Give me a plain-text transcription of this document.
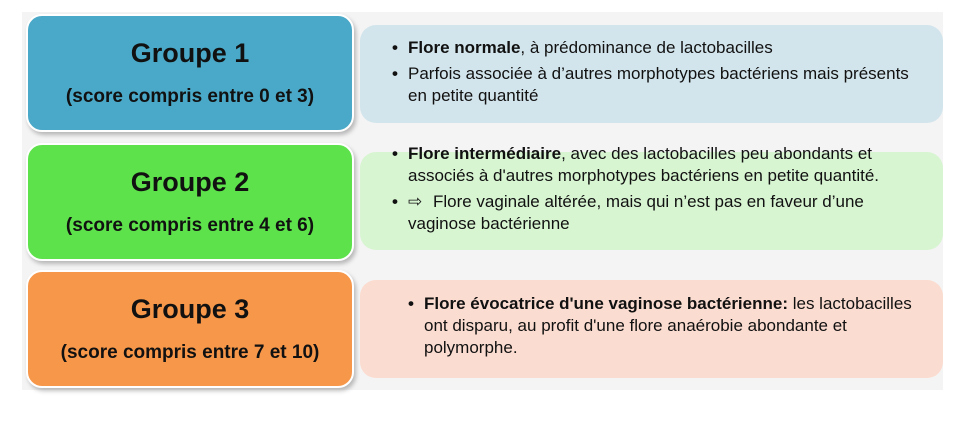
• Flore normale, à prédominance de lactobacilles
• Parfois associée à d’autres morphotypes bactériens mais présents en petite quantité
Groupe 1
(score compris entre 0 et 3)
• Flore intermédiaire, avec des lactobacilles peu abondants et associés à d'autres morphotypes bactériens en petite quantité.
• ⇨ Flore vaginale altérée, mais qui n’est pas en faveur d’une vaginose bactérienne
Groupe 2
(score compris entre 4 et 6)
• Flore évocatrice d'une vaginose bactérienne: les lactobacilles ont disparu, au profit d'une flore anaérobie abondante et polymorphe.
Groupe 3
(score compris entre 7 et 10)
